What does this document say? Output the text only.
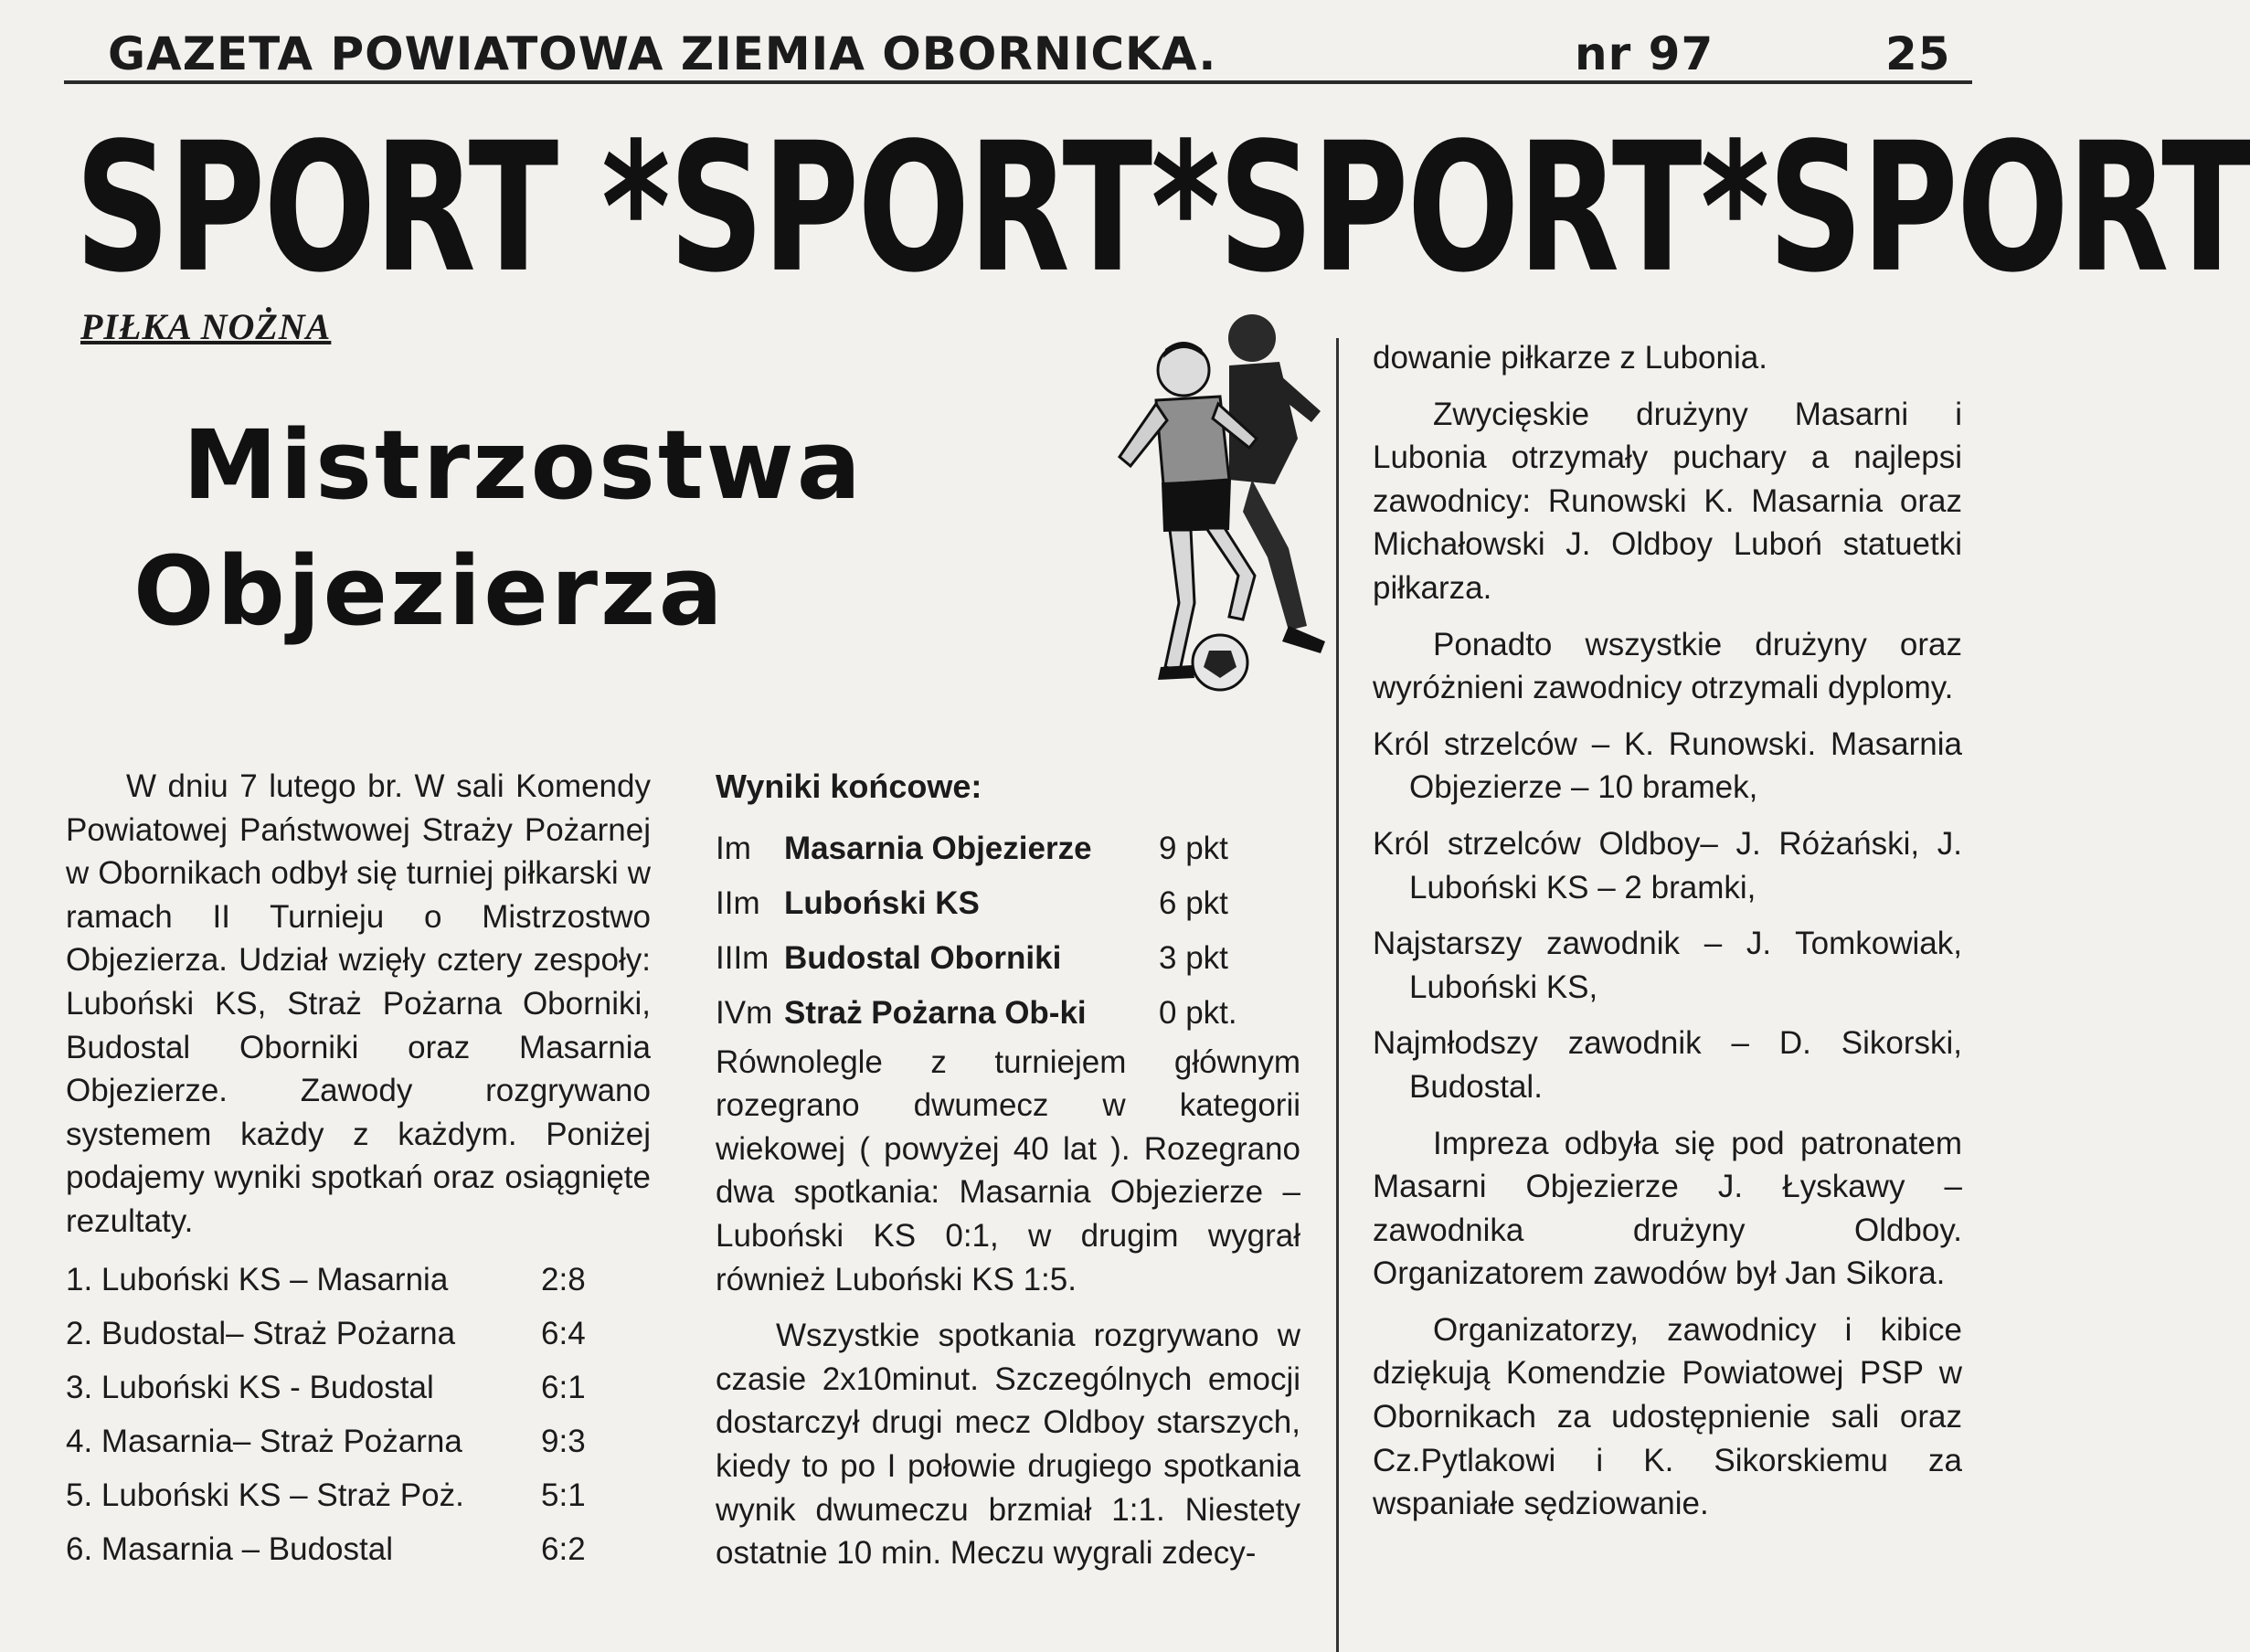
GAZETA POWIATOWA ZIEMIA OBORNICKA.	nr 97	25
SPORT *SPORT*SPORT*SPORT
PIŁKA NOŻNA
Mistrzostwa
Objezierza

W dniu 7 lutego br. W sali Komendy Powiatowej Państwowej Straży Pożarnej w Obornikach odbył się turniej piłkarski w ramach II Turnieju o Mistrzostwo Objezierza. Udział wzięły cztery zespoły: Luboński KS, Straż Pożarna Oborniki, Budostal Oborniki oraz Masarnia Objezierze. Zawody rozgrywano systemem każdy z każdym. Poniżej podajemy wyniki spotkań oraz osiągnięte rezultaty.

1. Luboński KS – Masarnia	2:8
2. Budostal– Straż Pożarna	6:4
3. Luboński KS - Budostal	6:1
4. Masarnia– Straż Pożarna	9:3
5. Luboński KS – Straż Poż.	5:1
6. Masarnia – Budostal	6:2
Wyniki końcowe:
Im	Masarnia Objezierze	9 pkt
IIm Luboński KS	6 pkt
IIIm Budostal Oborniki	3 pkt
IVm Straż Pożarna Ob-ki	0 pkt.

Równolegle z turniejem głównym rozegrano dwumecz w kategorii wiekowej ( powyżej 40 lat ). Rozegrano dwa spotkania: Masarnia Objezierze – Luboński KS 0:1, w drugim wygrał również Luboński KS 1:5.

Wszystkie spotkania rozgrywano w czasie 2x10minut. Szczególnych emocji dostarczył drugi mecz Oldboy starszych, kiedy to po I połowie drugiego spotkania wynik dwumeczu brzmiał 1:1. Niestety ostatnie 10 min. Meczu wygrali zdecy-

dowanie piłkarze z Lubonia.

Zwycięskie drużyny Masarni i Lubonia otrzymały puchary a najlepsi zawodnicy: Runowski K. Masarnia oraz Michałowski J. Oldboy Luboń statuetki piłkarza.

Ponadto wszystkie drużyny oraz wyróżnieni zawodnicy otrzymali dyplomy.

Król strzelców – K. Runowski. Masarnia Objezierze – 10 bramek,

Król strzelców Oldboy– J. Różański, J. Luboński KS – 2 bramki,

Najstarszy zawodnik – J. Tomkowiak, Luboński KS,

Najmłodszy zawodnik – D. Sikorski, Budostal.

Impreza odbyła się pod patronatem Masarni Objezierze J. Łyskawy – zawodnika drużyny Oldboy. Organizatorem zawodów był Jan Sikora.

Organizatorzy, zawodnicy i kibice dziękują Komendzie Powiatowej PSP w Obornikach za udostępnienie sali oraz Cz.Pytlakowi i K. Sikorskiemu za wspaniałe sędziowanie.
